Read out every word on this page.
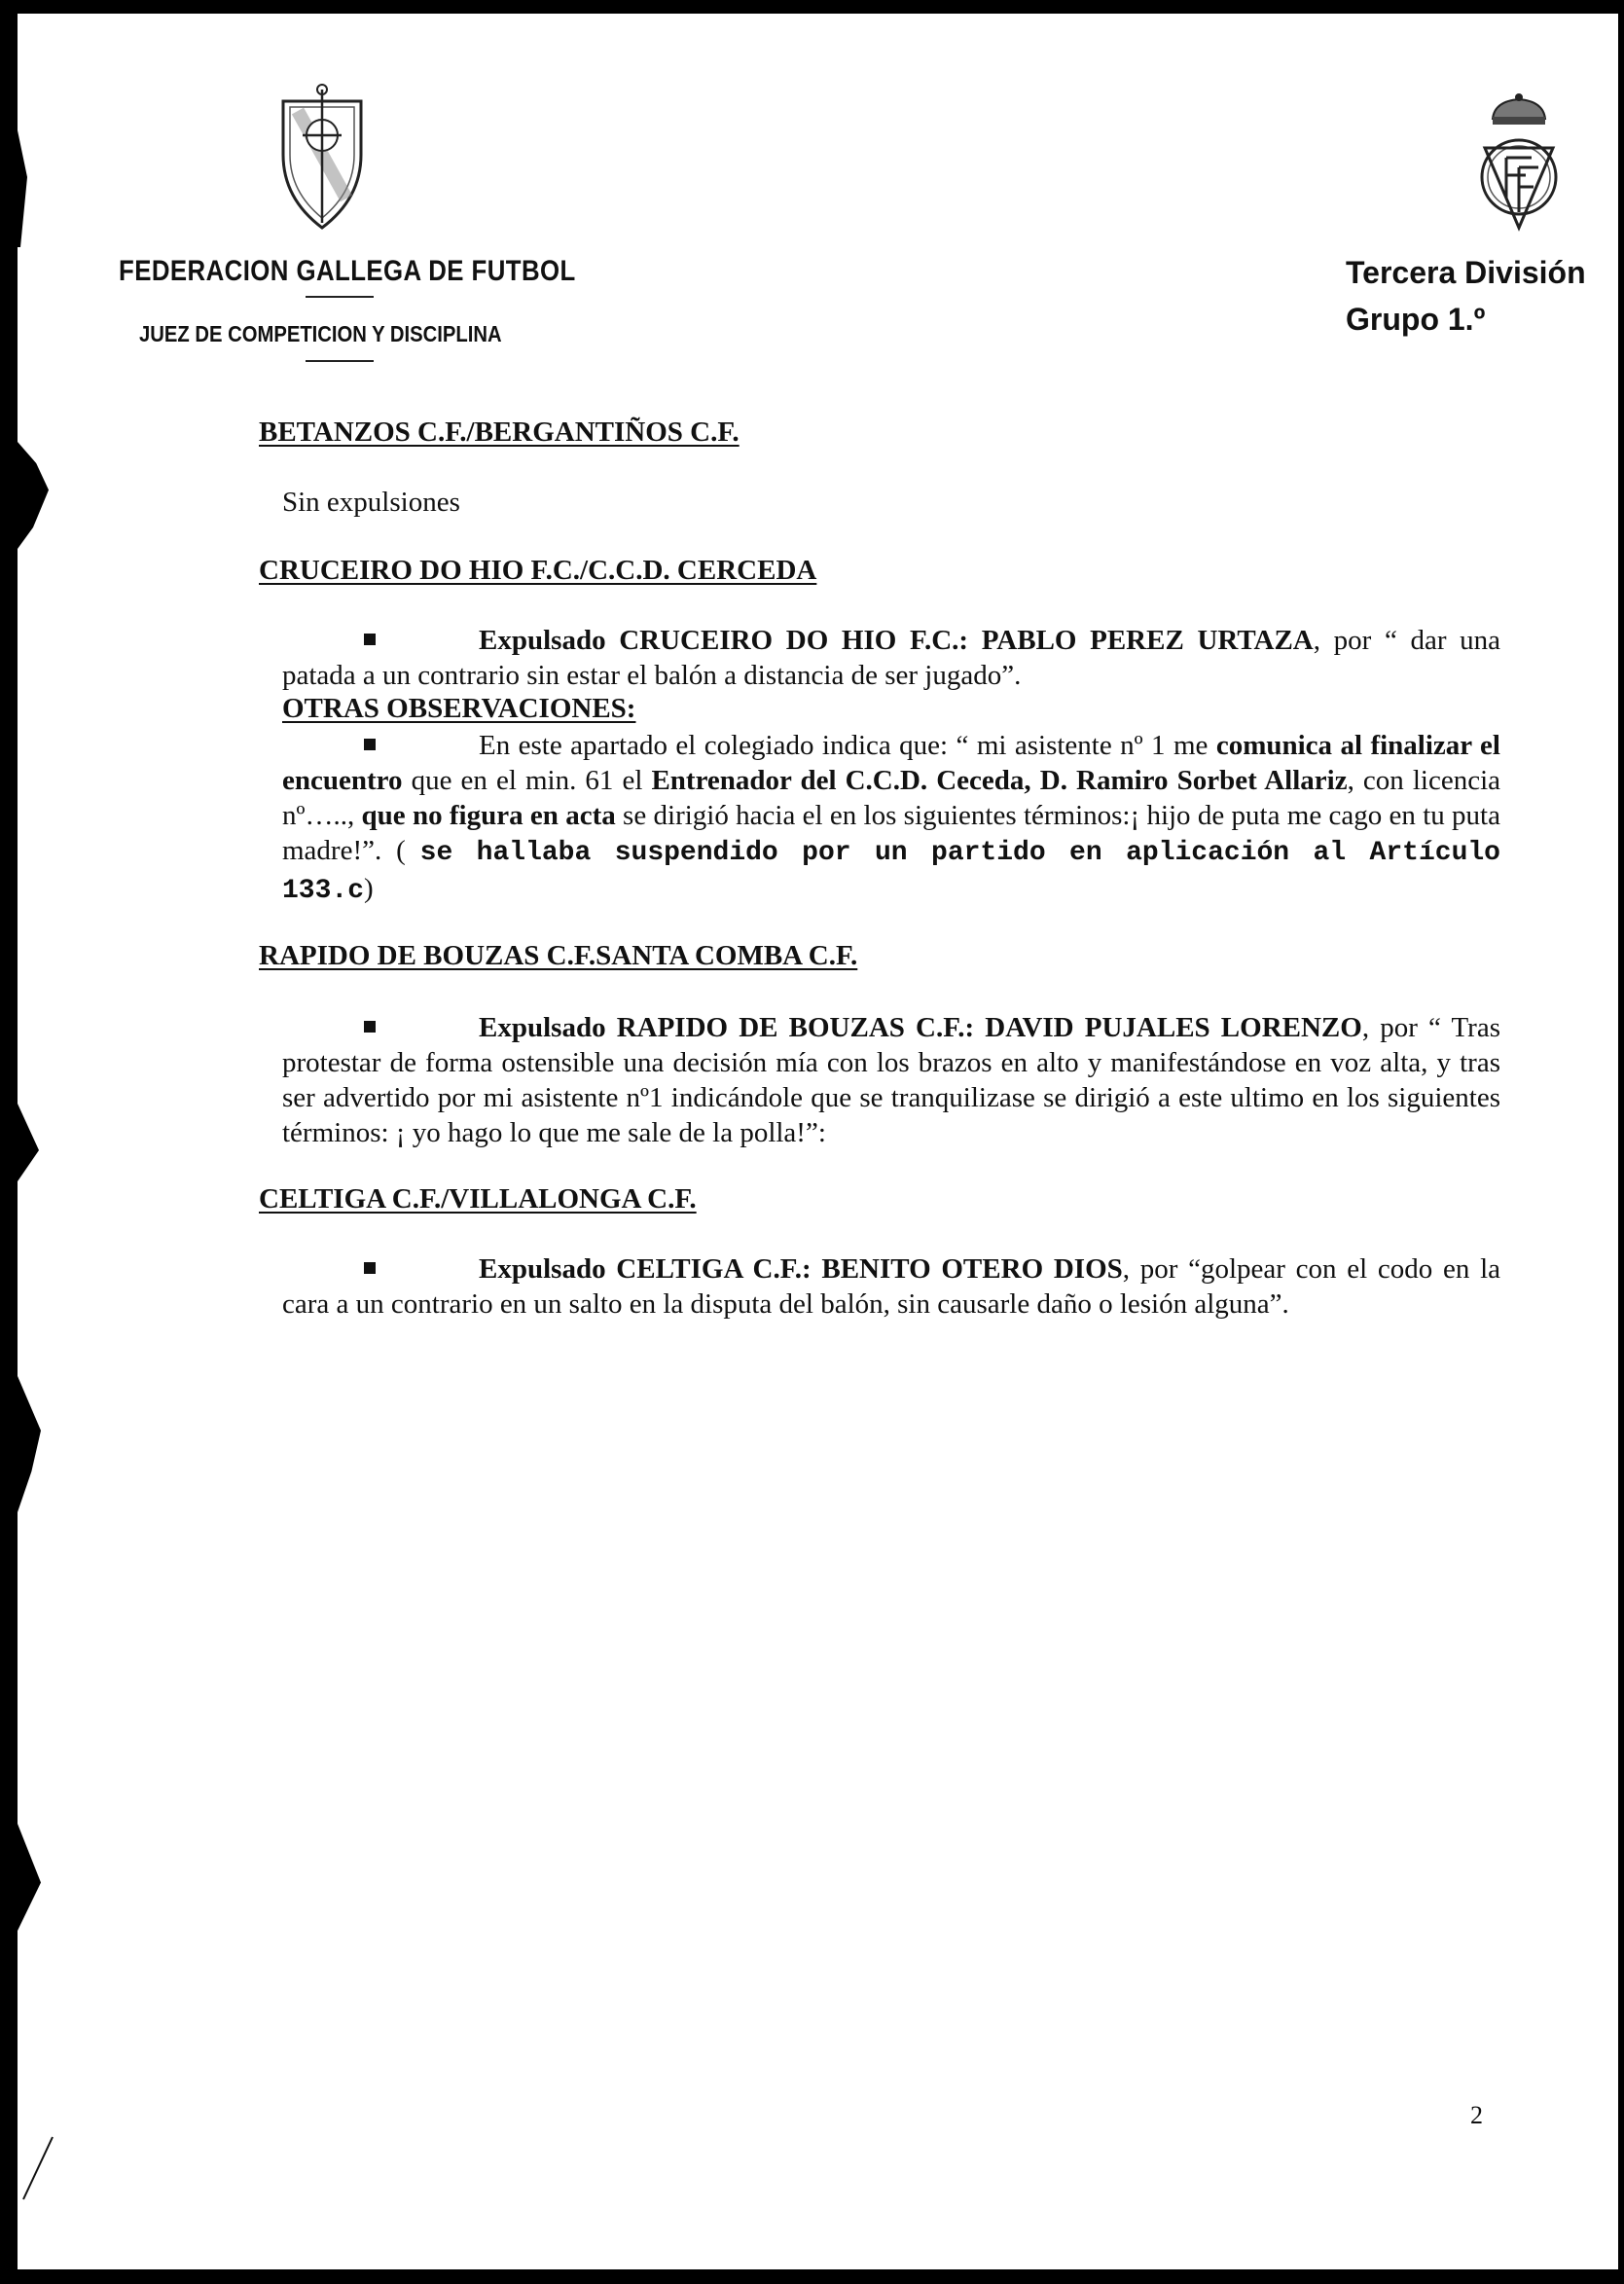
FEDERACION GALLEGA DE FUTBOL
JUEZ DE COMPETICION Y DISCIPLINA
Tercera División
Grupo 1.º
BETANZOS C.F./BERGANTIÑOS C.F.
Sin expulsiones
CRUCEIRO DO HIO F.C./C.C.D. CERCEDA

Expulsado CRUCEIRO DO HIO F.C.: PABLO PEREZ URTAZA, por “ dar una patada a un contrario sin estar el balón a distancia de ser jugado”.

OTRAS OBSERVACIONES:

En este apartado el colegiado indica que: “ mi asistente nº 1 me comunica al finalizar el encuentro que en el min. 61 el Entrenador del C.C.D. Ceceda, D. Ramiro Sorbet Allariz, con licencia nº….., que no figura en acta se dirigió hacia el en los siguientes términos:¡ hijo de puta me cago en tu puta madre!”. ( se hallaba suspendido por un partido en aplicación al Artículo 133.c)

RAPIDO DE BOUZAS C.F.SANTA COMBA C.F.

Expulsado RAPIDO DE BOUZAS C.F.: DAVID PUJALES LORENZO, por “ Tras protestar de forma ostensible una decisión mía con los brazos en alto y manifestándose en voz alta, y tras ser advertido por mi asistente nº1 indicándole que se tranquilizase se dirigió a este ultimo en los siguientes términos: ¡ yo hago lo que me sale de la polla!”:

CELTIGA C.F./VILLALONGA C.F.

Expulsado CELTIGA C.F.: BENITO OTERO DIOS, por “golpear con el codo en la cara a un contrario en un salto en la disputa del balón, sin causarle daño o lesión alguna”.

2
